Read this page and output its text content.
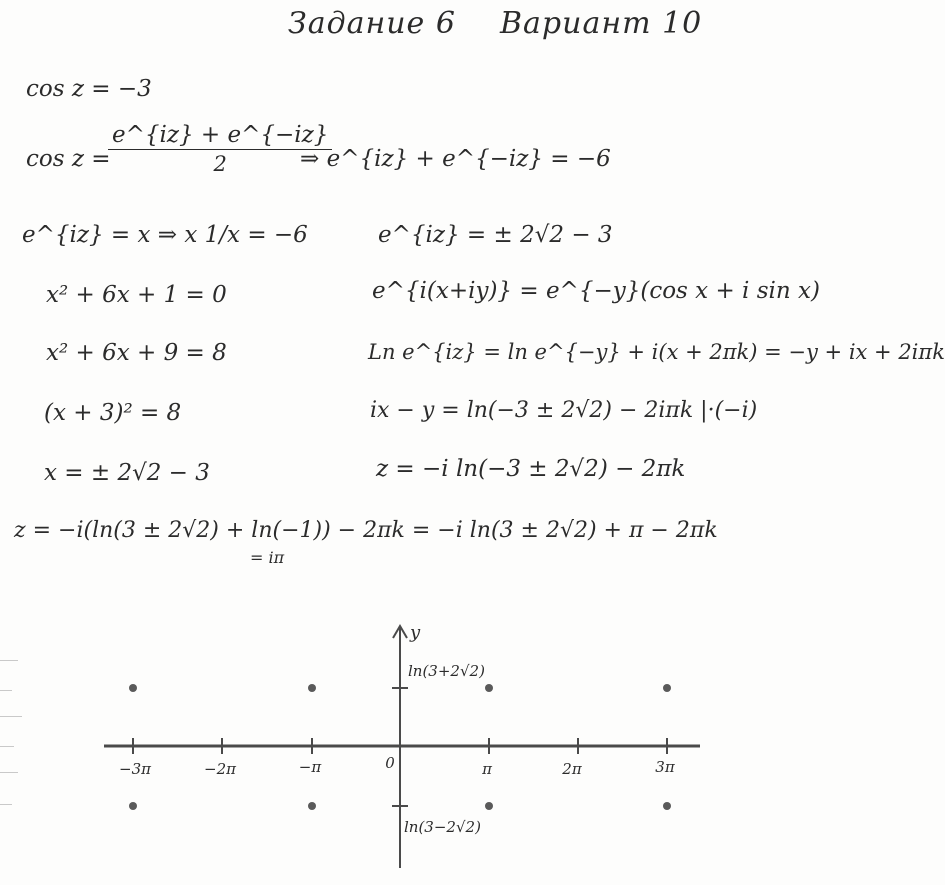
Задание 6 Вариант 10
cos z = −3
cos z =
e^{iz} + e^{−iz}
2	⇒ e^{iz} + e^{−iz} = −6
e^{iz} = x ⇒ x 1/x = −6	e^{iz} = ± 2√2 − 3
x² + 6x + 1 = 0	e^{i(x+iy)} = e^{−y}(cos x + i sin x)
x² + 6x + 9 = 8	Ln e^{iz} = ln e^{−y} + i(x + 2πk) = −y + ix + 2iπk
(x + 3)² = 8	ix − y = ln(−3 ± 2√2) − 2iπk |·(−i)
x = ± 2√2 − 3	z = −i ln(−3 ± 2√2) − 2πk
z = −i(ln(3 ± 2√2) + ln(−1)) − 2πk = −i ln(3 ± 2√2) + π − 2πk
= iπ
y
ln(3+2√2)
ln(3−2√2)
−3π	−2π	−π	0	π	2π	3π
